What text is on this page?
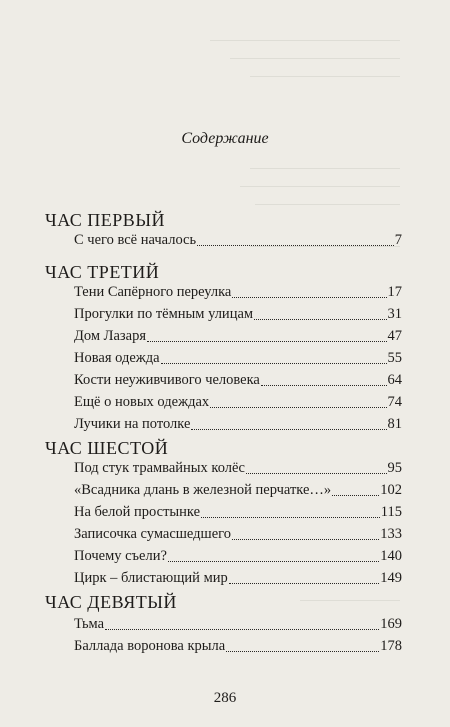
Содержание
ЧАС ПЕРВЫЙ
С чего всё началось	7
ЧАС ТРЕТИЙ
Тени Сапёрного переулка	17
Прогулки по тёмным улицам	31
Дом Лазаря	47
Новая одежда	55
Кости неуживчивого человека	64
Ещё о новых одеждах	74
Лучики на потолке	81
ЧАС ШЕСТОЙ
Под стук трамвайных колёс	95
«Всадника длань в железной перчатке…»	102
На белой простынке	115
Записочка сумасшедшего	133
Почему съели?	140
Цирк – блистающий мир	149
ЧАС ДЕВЯТЫЙ
Тьма	169
Баллада воронова крыла	178
286
